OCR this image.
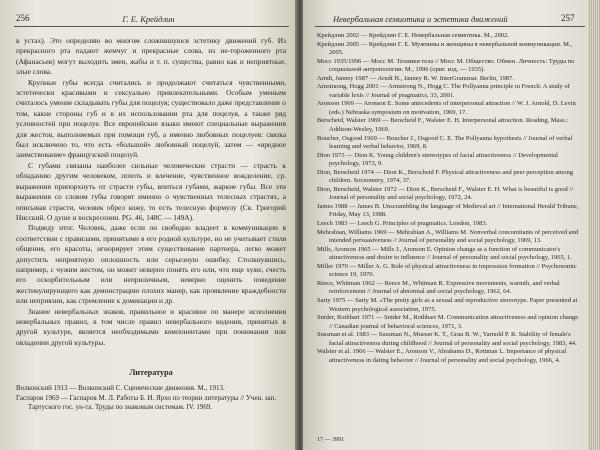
256	Г. Е. Крейдлин

в устах). Это определяю во многом сложившуюся эстетику движений губ. Из прекрасного рта падают жемчуг и прекрасные слова, из не-тороженного рта (Афанасьев) могут выходить змеи, жабы и т. п. существа, равно как и неприятные, злые слова.

Крупные губы всегда считались и продолжают считаться чувственными, эстетически красивыми и сексуально привлекательными. Особым уменьем считалось умение складывать губы для поцелуя; существовало даже представление о том, какие стороны губ и в их использовании рта для поцелуя, а также ряд условностей при поцелуе. Все европейские языки имеют специальные выражения для жестов, выполняемых при помощи губ, а именно любовных поцелуев: связка был исключено то, что есть «большой» любовный поцелуй, затем — «вредное заимствование» французский поцелуй.

С губами связаны наиболее сильные человеческие страсти — страсть к обладанию другим человеком, похоть и влечение, чувственное вожделение, ср. выражения припорхнуть от страсти губы, впиться губами, жаркие губы. Все эти выражения со словом губы говорят именно о чувственных телесных страстях, а описывая страсти, человек обрел кожу, то есть телесную формулу (Св. Григорий Нисский. О душе и воскресении. PG. 46, 148C — 149A).

Подведу итог. Человек, даже если он свободно владеет в коммуникации в соответствии с правилами, принятыми в его родной культуре, но не учитывает стиля общения, его красоты, игнорирует этим существование партнера, легко может допустить неприятную оплошность или серьезную ошибку. Столкнувшись, например, с чужим жестом, он может неверно понять его или, что еще хуже, счесть его оскорбительным или неприличным, неверно оценить поведение жестикулирующего как демонстрацию плохих манер, как проявление враждебности или неприязни, как стремление к доминации и др.

Знание невербальных знаков, правильное и красивое по манере исполнения невербальных правил, в том числе правил невербального ведения, принятых в другой культуре, является необходимыми компонентами при понимании или овладении другой культуры.

Литература

Волконский 1913 — Волконский С. Сценические движения. М., 1913.

Гаспаров 1969 — Гаспаров М. Л. Работы Б. И. Ярхо по теории литературы // Учен. зап. Тартуского гос. ун-та. Труды по знаковым системам. IV. 1969.

Невербальная семиотика и эстетика движений	257

Крейдлин 2002 — Крейдлин Г. Е. Невербальная семиотика. М., 2002.

Крейдлин 2005 — Крейдлин Г. Е. Мужчины и женщины в невербальной коммуникации. М., 2005.

Мосс 1935/1996 — Мосс М. Техники тела // Мосс М. Общество. Обмен. Личность: Труды по социальной антропологии. М., 1996 (ориг. изд. — 1935).

Arndt, Janney 1987 — Arndt H., Janney R. W. InterGrammar. Berlin, 1987.

Arnstraong, Hogg 2001 — Armstrong N., Hogg C. The Pollyanna principle in French: A study of variable lexis // Journal of pragmatics, 33, 2001.

Aronson 1969 — Aronson E. Some antecedents of interpersonal attraction // W. J. Arnold, D. Levin (eds.) Nebraska symposium on motivation, 1969, 17.

Berscheid, Walster 1969 — Berscheid F., Walster E. H. Interpersonal attraction. Reading, Mass.: Addison-Wesley, 1969.

Boucher, Osgood 1969 — Boucher J., Osgood C. E. The Pollyanna hypothesis // Journal of verbal learning and verbal behavior, 1969, 8.

Dion 1973 — Dion K. Young children's stereotypes of facial attractiveness // Developmental psychology, 1973, 9.

Dion, Berscheid 1974 — Dion K., Berscheid F. Physical attractiveness and peer perception among children. Sociometry, 1974, 37.

Dion, Berscheid, Walster 1972 — Dion K., Berscheid F., Walster E. H. What is beautiful is good // Journal of personality and social psychology, 1972, 24.

James 1988 — James B. Unscrambling the language of Medieval art // International Herald Tribune, Friday, May 13, 1988.

Leech 1983 — Leech G. Principles of pragmatics. London, 1983.

Mehrabian, Williams 1969 — Mehrabian A., Williams M. Nonverbal concomitants of perceived and intended persuasiveness // Journal of personality and social psychology, 1969, 13.

Mills, Aronson 1965 — Mills J., Aronson E. Opinion change as a function of communicator's attractiveness and desire to influence // Journal of personality and social psychology, 1965, 1.

Miller 1970 — Miller A. G. Role of physical attractiveness in impression formation // Psychonomic science 19, 1970.

Reece, Whitman 1962 — Reece M., Whitman R. Expressive movements, warmth, and verbal reinforcement // Journal of abnormal and social psychology, 1962, 64.

Sarty 1975 — Sarty M. «The pretty girls as a sexual and reproductive stereotype. Paper presented at Western psychological association, 1975.

Snider, Rothbart 1971 — Snider M., Rothbart M. Communication attractiveness and opinion change // Canadian journal of behavioral sciences, 1971, 3.

Sussman et al. 1983 — Sussman N., Mueser K. T., Grau B. W., Yarnold P. R. Stability of female's facial attractiveness during childhood // Journal of personality and social psychology, 1983, 44.

Walster et al. 1966 — Walster E., Aronson V., Abrahams D., Rottman L. Importance of physical attractiveness in dating behavior // Journal of personality and social psychology, 1966, 4.

17 — 3991
